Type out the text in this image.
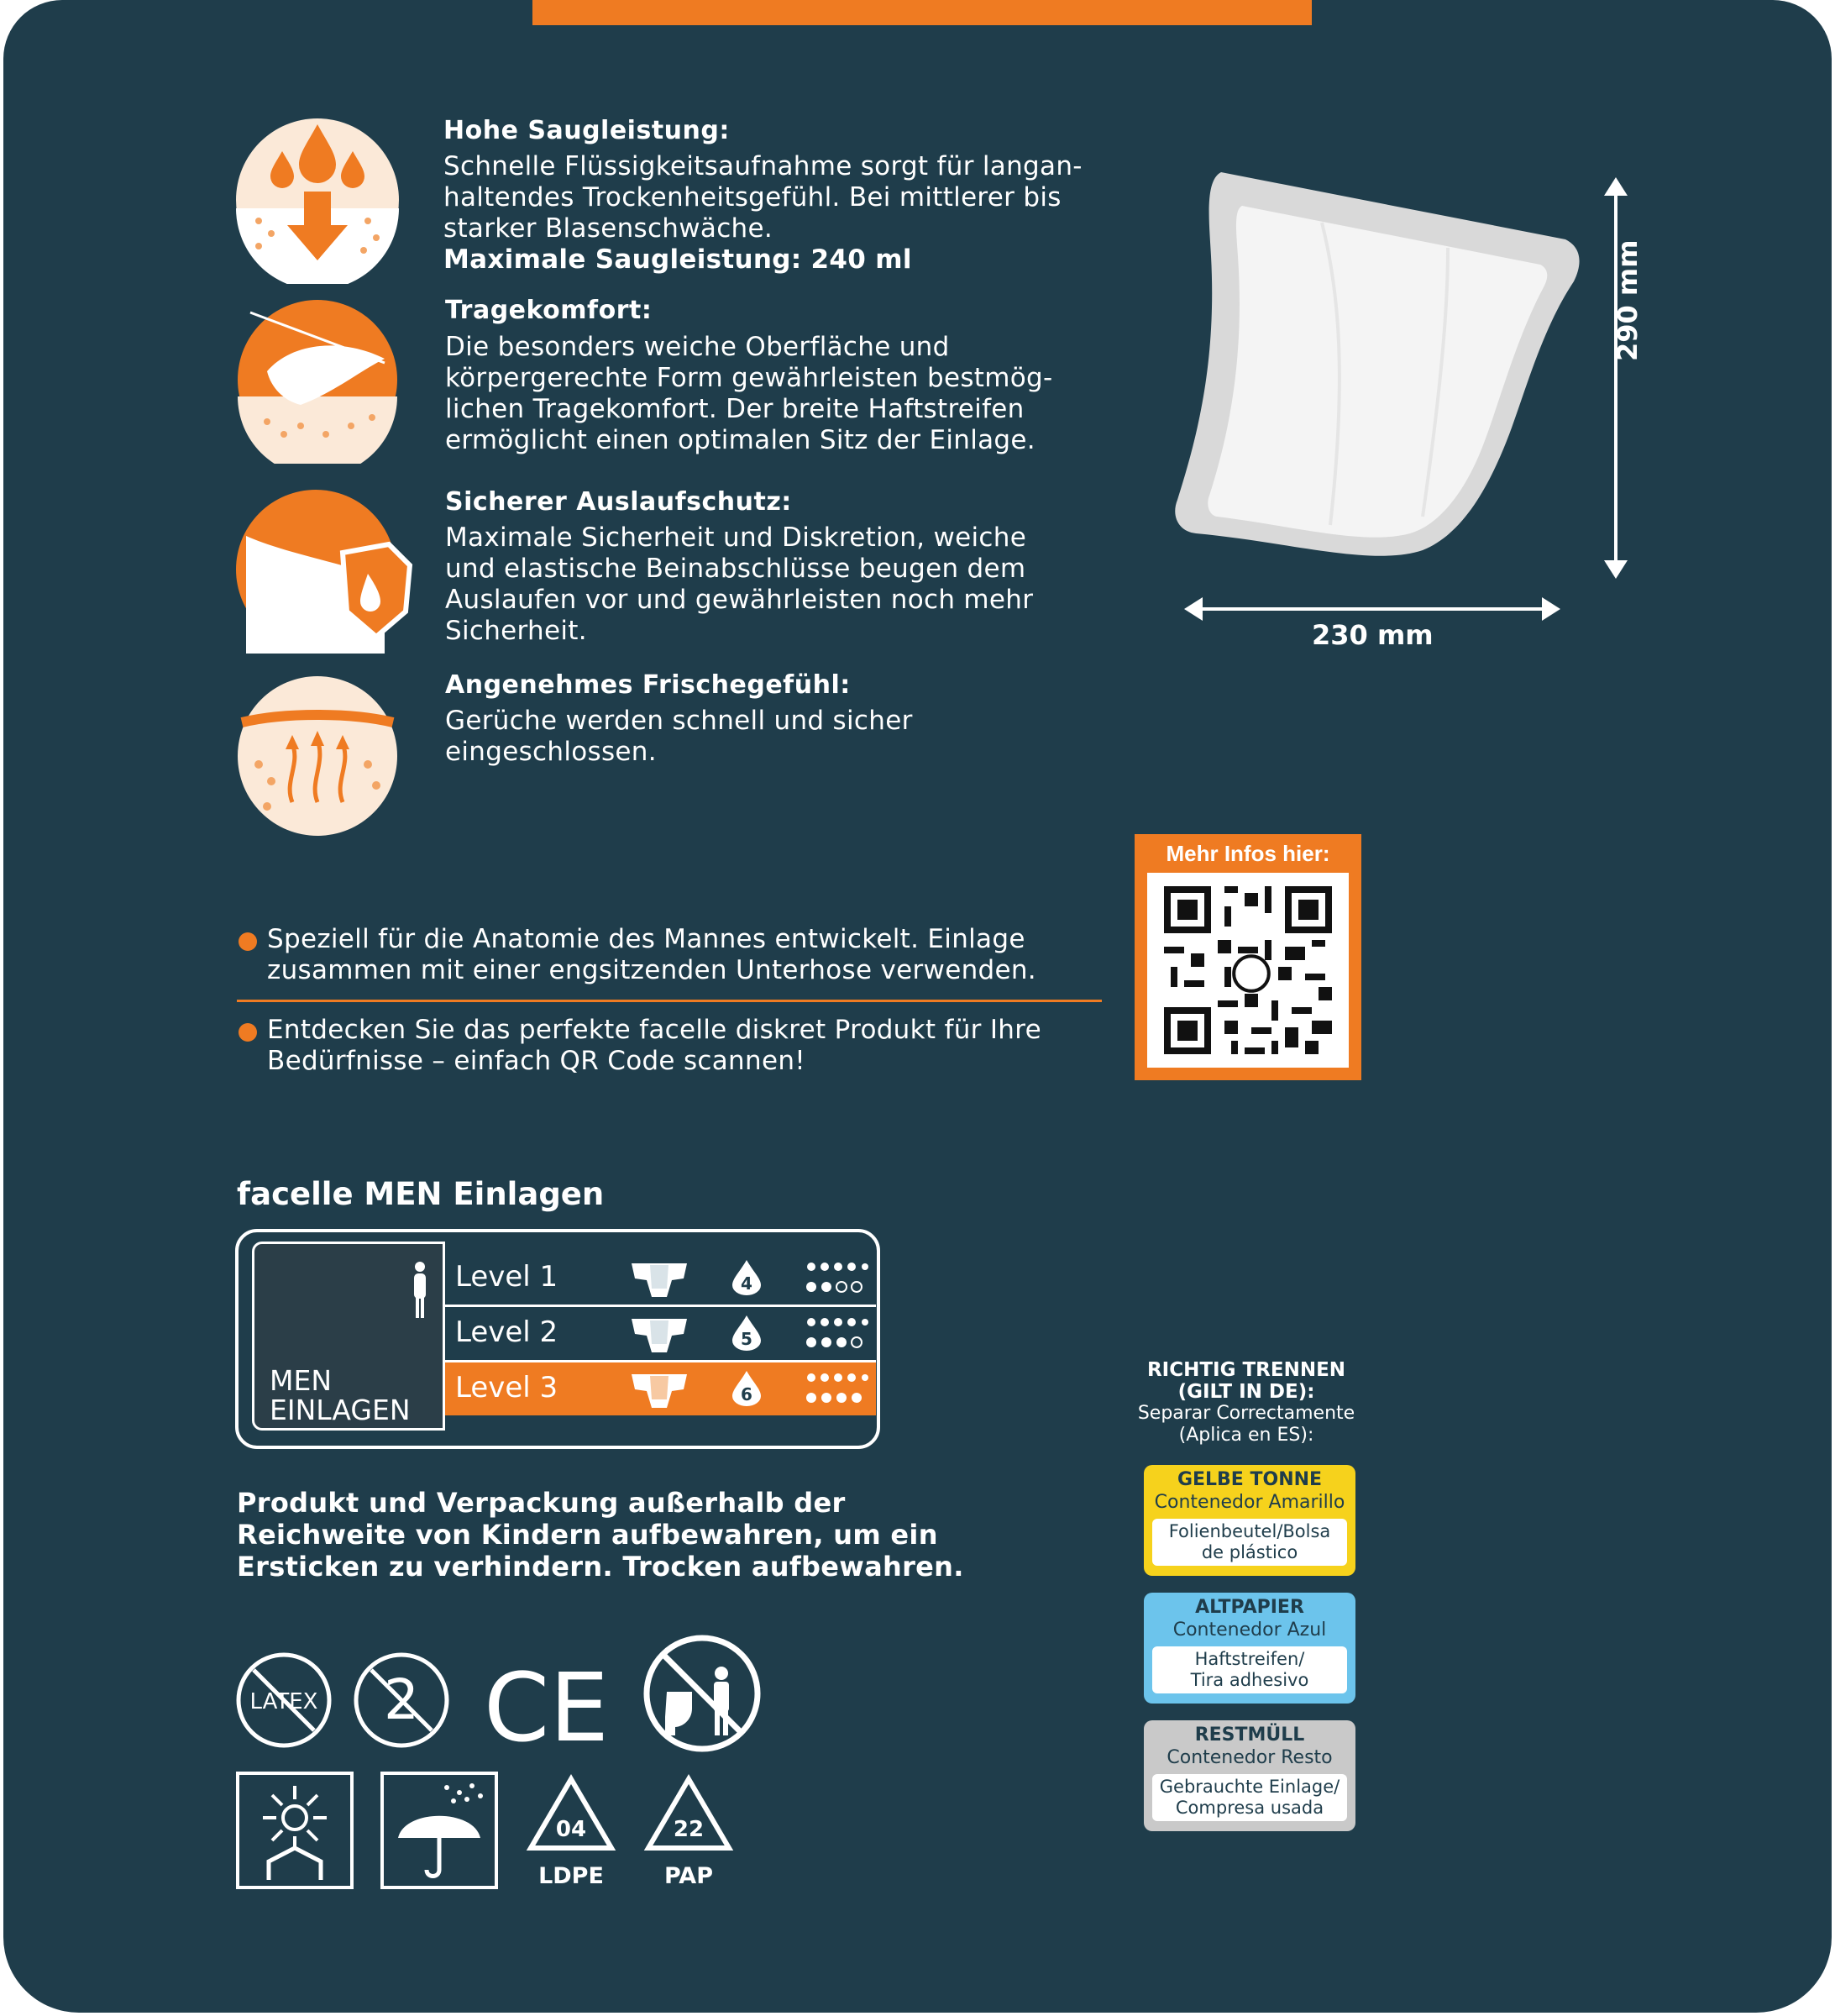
Hohe Saugleistung:
Schnelle Flüssigkeitsaufnahme sorgt für langan-
haltendes Trockenheitsgefühl. Bei mittlerer bis
starker Blasenschwäche.
Maximale Saugleistung: 240 ml
Tragekomfort:
Die besonders weiche Oberfläche und
körpergerechte Form gewährleisten bestmög-
lichen Tragekomfort. Der breite Haftstreifen
ermöglicht einen optimalen Sitz der Einlage.
Sicherer Auslaufschutz:
Maximale Sicherheit und Diskretion, weiche
und elastische Beinabschlüsse beugen dem
Auslaufen vor und gewährleisten noch mehr
Sicherheit.
Angenehmes Frischegefühl:
Gerüche werden schnell und sicher
eingeschlossen.
290 mm
230 mm
Mehr Infos hier:
Speziell für die Anatomie des Mannes entwickelt. Einlage
zusammen mit einer engsitzenden Unterhose verwenden.
Entdecken Sie das perfekte facelle diskret Produkt für Ihre
Bedürfnisse – einfach QR Code scannen!
facelle MEN Einlagen
MEN
EINLAGEN
Level 1	4
Level 2	5
Level 3	6
Produkt und Verpackung außerhalb der
Reichweite von Kindern aufbewahren, um ein
Ersticken zu verhindern. Trocken aufbewahren.
LATEX 2 CE
04
LDPE
22
PAP
RICHTIG TRENNEN
(GILT IN DE):
Separar Correctamente
(Aplica en ES):
GELBE TONNE
Contenedor Amarillo
Folienbeutel/Bolsa
de plástico
ALTPAPIER
Contenedor Azul
Haftstreifen/
Tira adhesivo
RESTMÜLL
Contenedor Resto
Gebrauchte Einlage/
Compresa usada
